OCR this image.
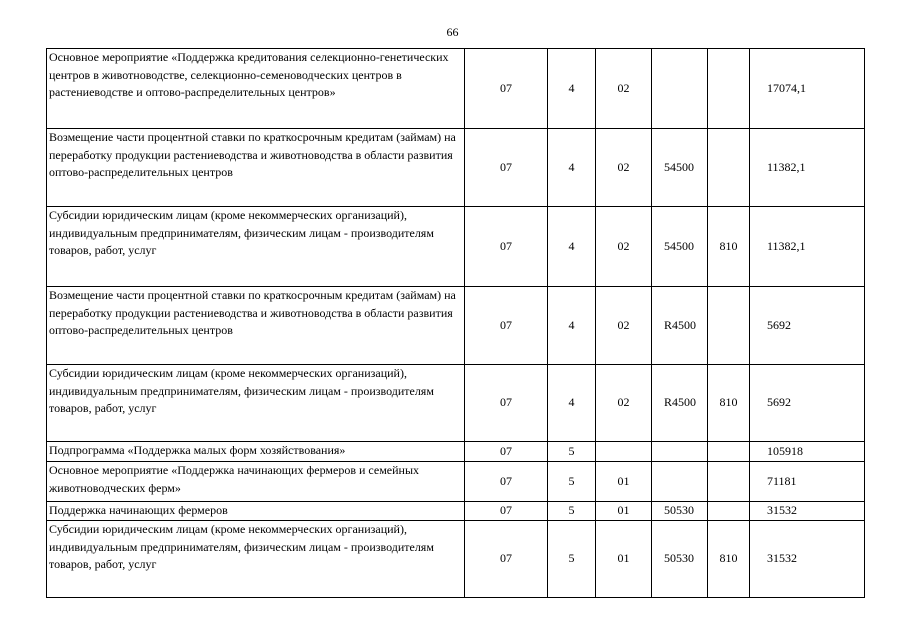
66
Основное мероприятие «Поддержка кредитования селекционно-генетических центров в животноводстве, селекционно-семеноводческих центров в растениеводстве и оптово-распределительных центров»	07	4	02			17074,1
Возмещение части процентной ставки по краткосрочным кредитам (займам) на переработку продукции растениеводства и животноводства в области развития оптово-распределительных центров	07	4	02	54500		11382,1
Субсидии юридическим лицам (кроме некоммерческих организаций), индивидуальным предпринимателям, физическим лицам - производителям товаров, работ, услуг	07	4	02	54500	810	11382,1
Возмещение части процентной ставки по краткосрочным кредитам (займам) на переработку продукции растениеводства и животноводства в области развития оптово-распределительных центров	07	4	02	R4500		5692
Субсидии юридическим лицам (кроме некоммерческих организаций), индивидуальным предпринимателям, физическим лицам - производителям товаров, работ, услуг	07	4	02	R4500	810	5692
Подпрограмма «Поддержка малых форм хозяйствования»	07	5				105918
Основное мероприятие «Поддержка начинающих фермеров и семейных животноводческих ферм»	07	5	01			71181
Поддержка начинающих фермеров	07	5	01	50530		31532
Субсидии юридическим лицам (кроме некоммерческих организаций), индивидуальным предпринимателям, физическим лицам - производителям товаров, работ, услуг	07	5	01	50530	810	31532
